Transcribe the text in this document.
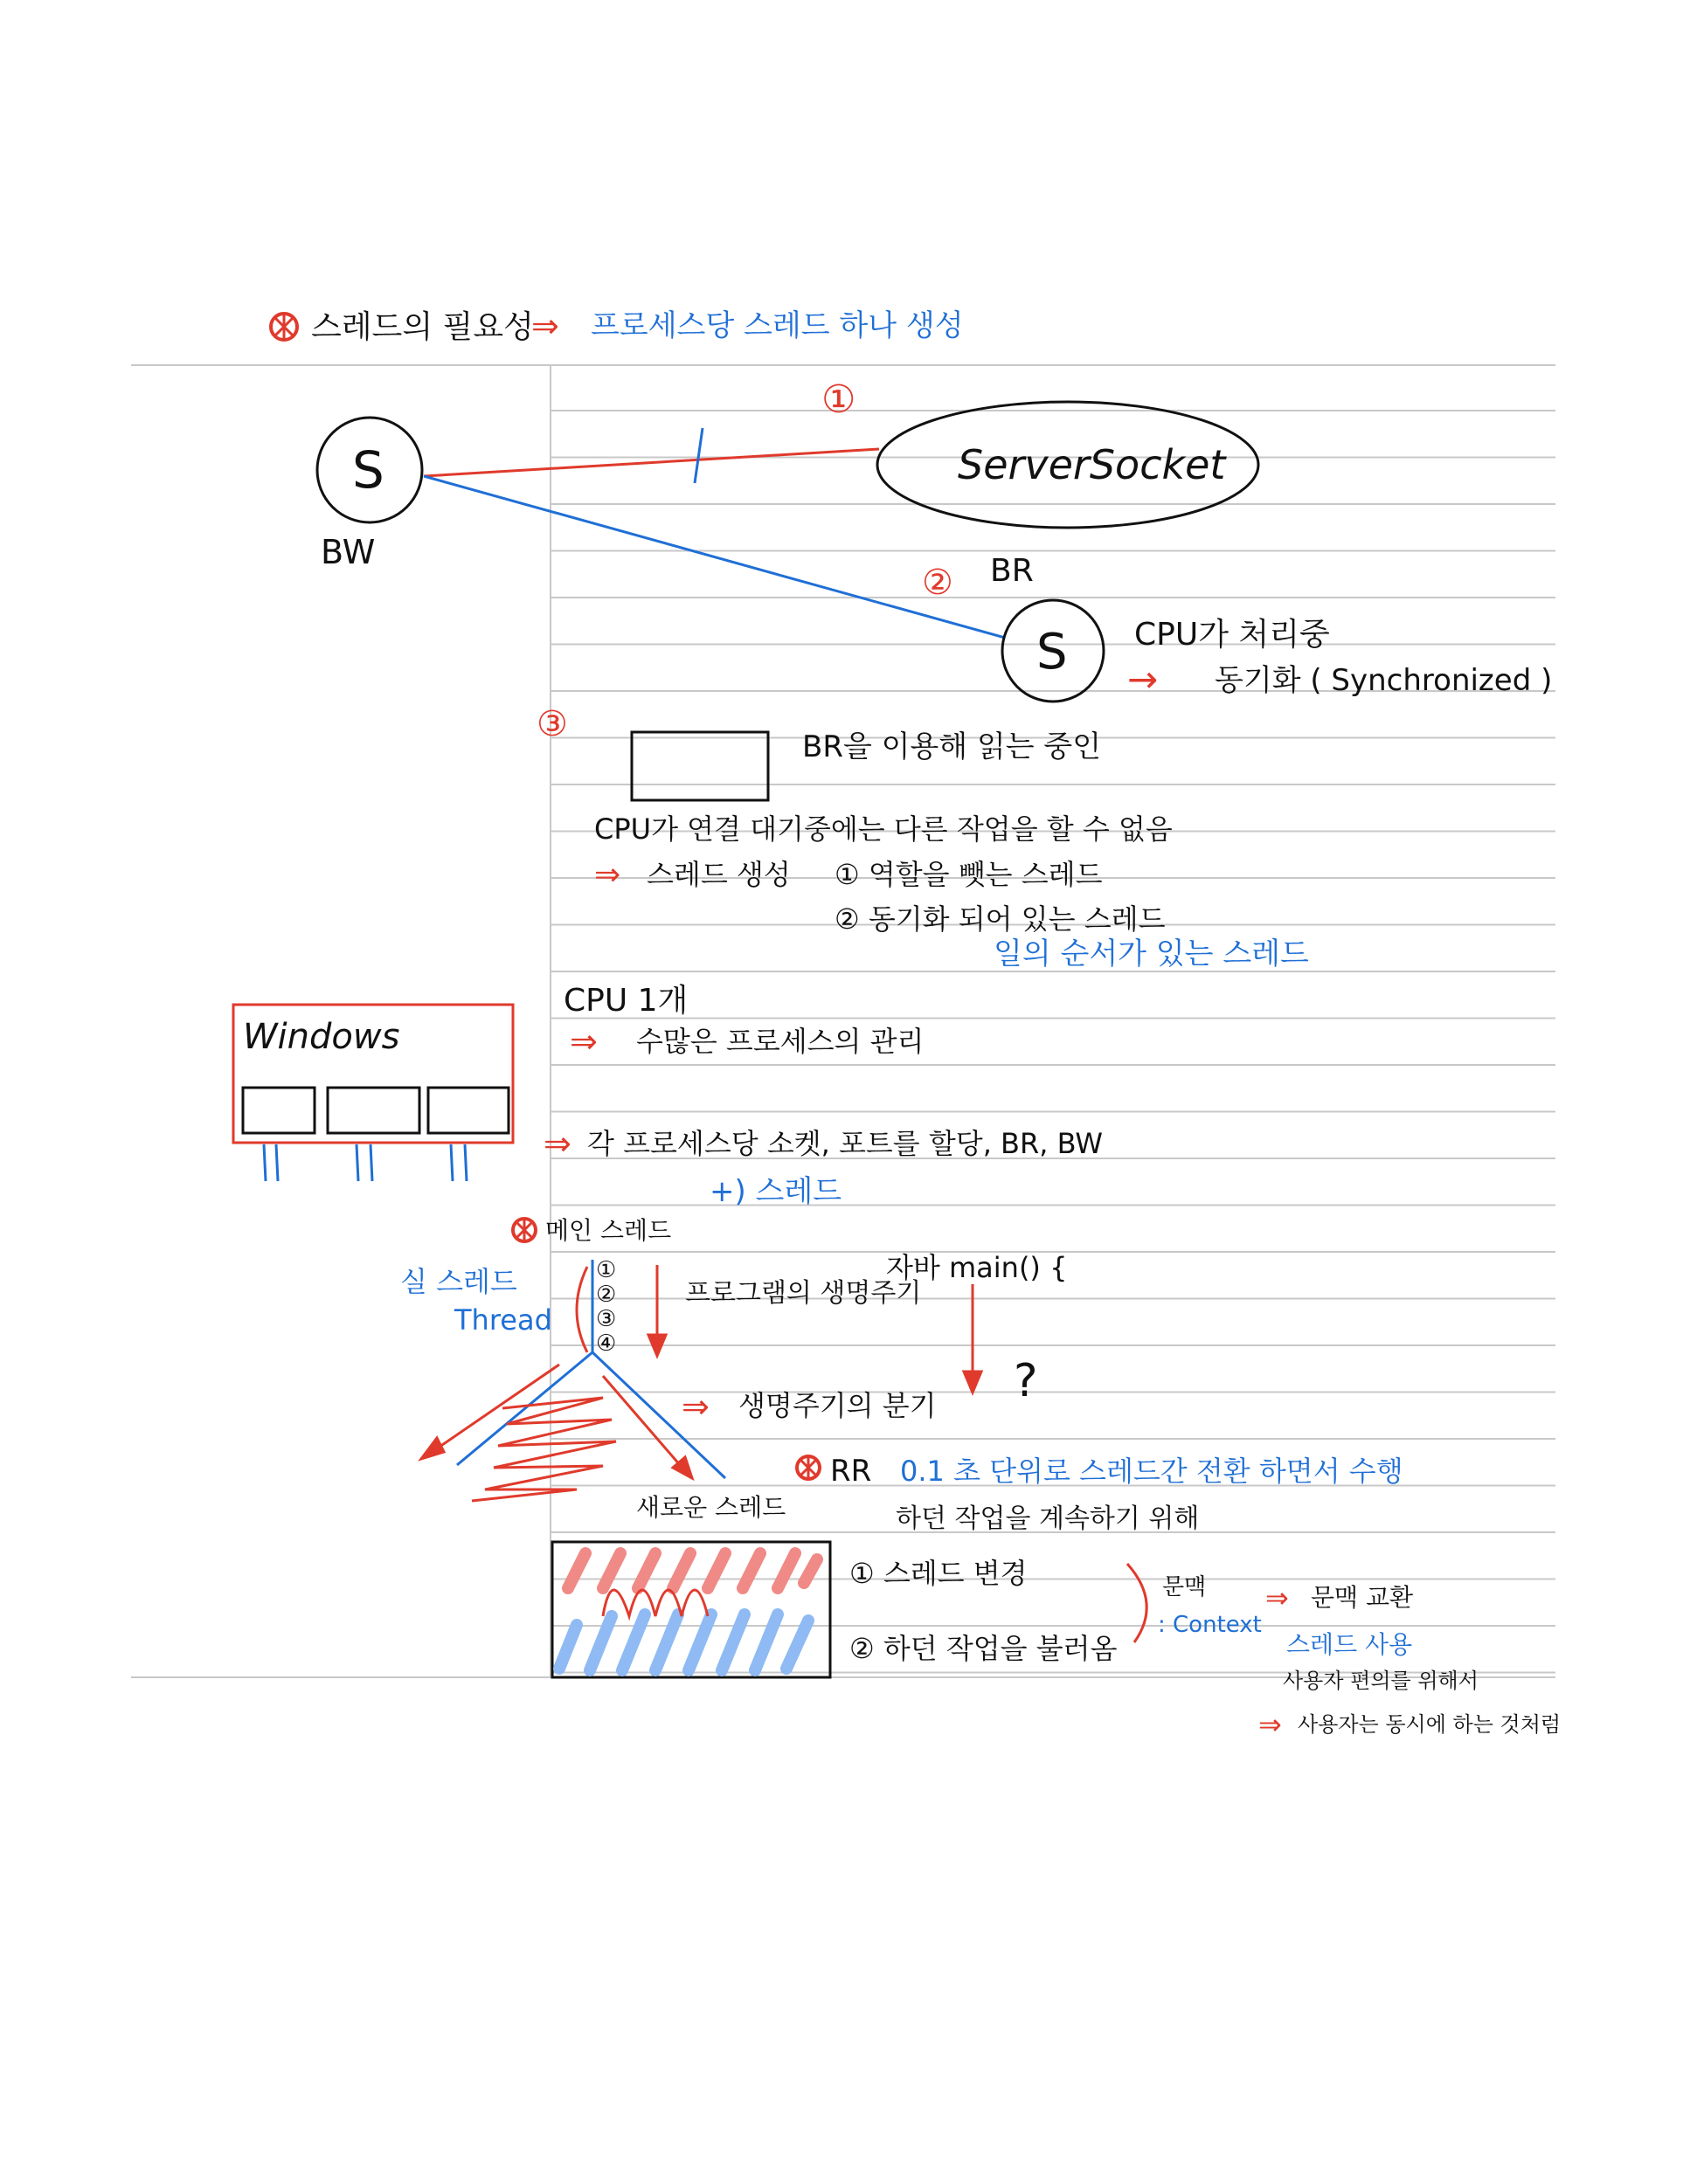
스레드의 필요성
⇒ 프로세스당 스레드 하나 생성
S
BW
ServerSocket
①
② BR
S CPU가 처리중
→ 동기화 ( Synchronized )
③
BR을 이용해 읽는 중인
CPU가 연결 대기중에는 다른 작업을 할 수 없음
⇒ 스레드 생성 ① 역할을 뺏는 스레드
② 동기화 되어 있는 스레드
일의 순서가 있는 스레드
Windows
CPU 1개
⇒ 수많은 프로세스의 관리
⇒ 각 프로세스당 소켓, 포트를 할당, BR, BW
+) 스레드
메인 스레드
실 스레드
Thread
①
②
③
④
프로그램의 생명주기
자바 main() {
?
⇒ 생명주기의 분기
새로운 스레드
RR 0.1 초 단위로 스레드간 전환 하면서 수행
하던 작업을 계속하기 위해
① 스레드 변경
② 하던 작업을 불러옴
문맥
: Context
⇒ 문맥 교환
스레드 사용
사용자 편의를 위해서
⇒ 사용자는 동시에 하는 것처럼
